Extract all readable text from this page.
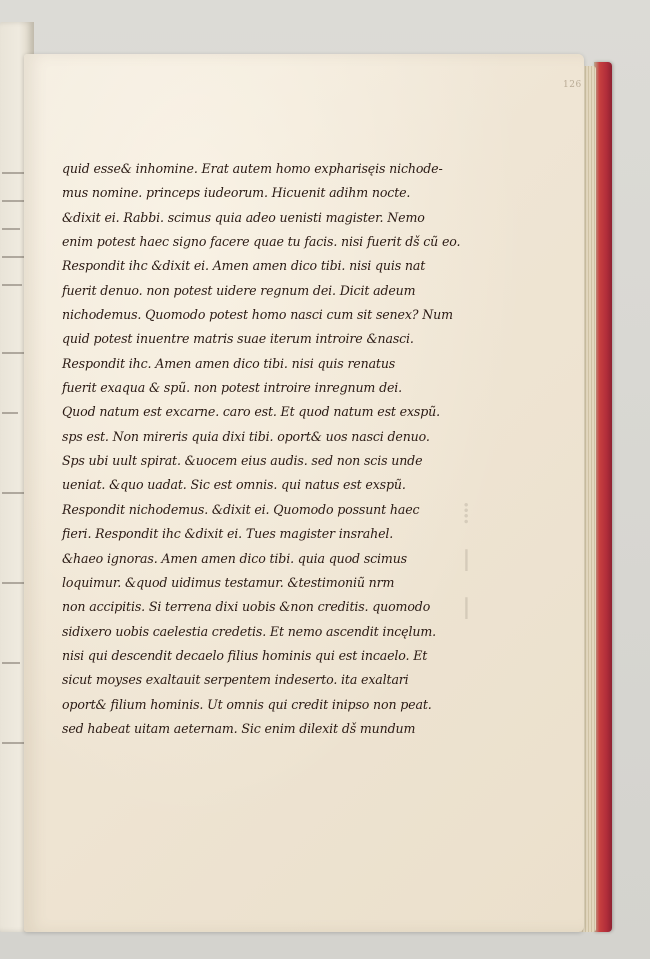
126
⁞
ǀ
ǀ
quid esse& inhomine. Erat autem homo expharisęis nichode-
mus nomine. princeps iudeorum. Hicuenit adihm nocte.
&dixit ei. Rabbi. scimus quia adeo uenisti magister. Nemo
enim potest haec signo facere quae tu facis. nisi fuerit dš cũ eo.
Respondit ihc &dixit ei. Amen amen dico tibi. nisi quis nat
fuerit denuo. non potest uidere regnum dei. Dicit adeum
nichodemus. Quomodo potest homo nasci cum sit senex? Num
quid potest inuentre matris suae iterum introire &nasci.
Respondit ihc. Amen amen dico tibi. nisi quis renatus
fuerit exaqua & spũ. non potest introire inregnum dei.
Quod natum est excarne. caro est. Et quod natum est exspũ.
sps est. Non mireris quia dixi tibi. oport& uos nasci denuo.
Sps ubi uult spirat. &uocem eius audis. sed non scis unde
ueniat. &quo uadat. Sic est omnis. qui natus est exspũ.
Respondit nichodemus. &dixit ei. Quomodo possunt haec
fieri. Respondit ihc &dixit ei. Tues magister insrahel.
&haeo ignoras. Amen amen dico tibi. quia quod scimus
loquimur. &quod uidimus testamur. &testimoniũ nrm
non accipitis. Si terrena dixi uobis &non creditis. quomodo
sidixero uobis caelestia credetis. Et nemo ascendit incęlum.
nisi qui descendit decaelo filius hominis qui est incaelo. Et
sicut moyses exaltauit serpentem indeserto. ita exaltari
oport& filium hominis. Ut omnis qui credit inipso non peat.
sed habeat uitam aeternam. Sic enim dilexit dš mundum
